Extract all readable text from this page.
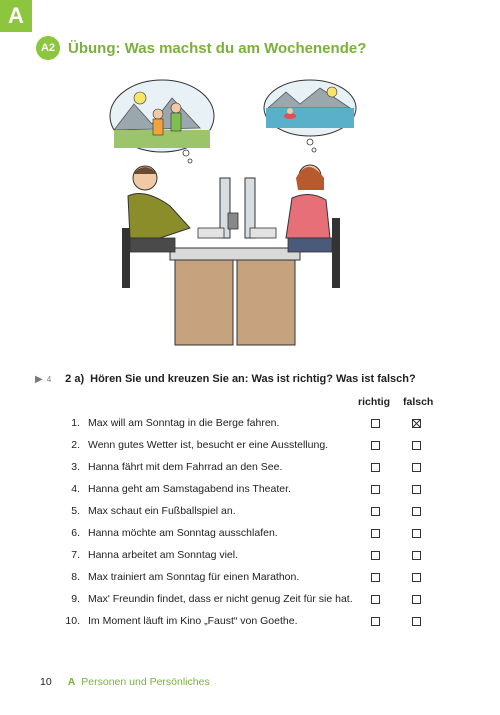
A
A2 Übung: Was machst du am Wochenende?
▶ 4 2 a) Hören Sie und kreuzen Sie an: Was ist richtig? Was ist falsch?
richtig falsch
1. Max will am Sonntag in die Berge fahren.
2. Wenn gutes Wetter ist, besucht er eine Ausstellung.
3. Hanna fährt mit dem Fahrrad an den See.
4. Hanna geht am Samstagabend ins Theater.
5. Max schaut ein Fußballspiel an.
6. Hanna möchte am Sonntag ausschlafen.
7. Hanna arbeitet am Sonntag viel.
8. Max trainiert am Sonntag für einen Marathon.
9. Max' Freundin findet, dass er nicht genug Zeit für sie hat.
10. Im Moment läuft im Kino „Faust“ von Goethe.
10 A Personen und Persönliches
